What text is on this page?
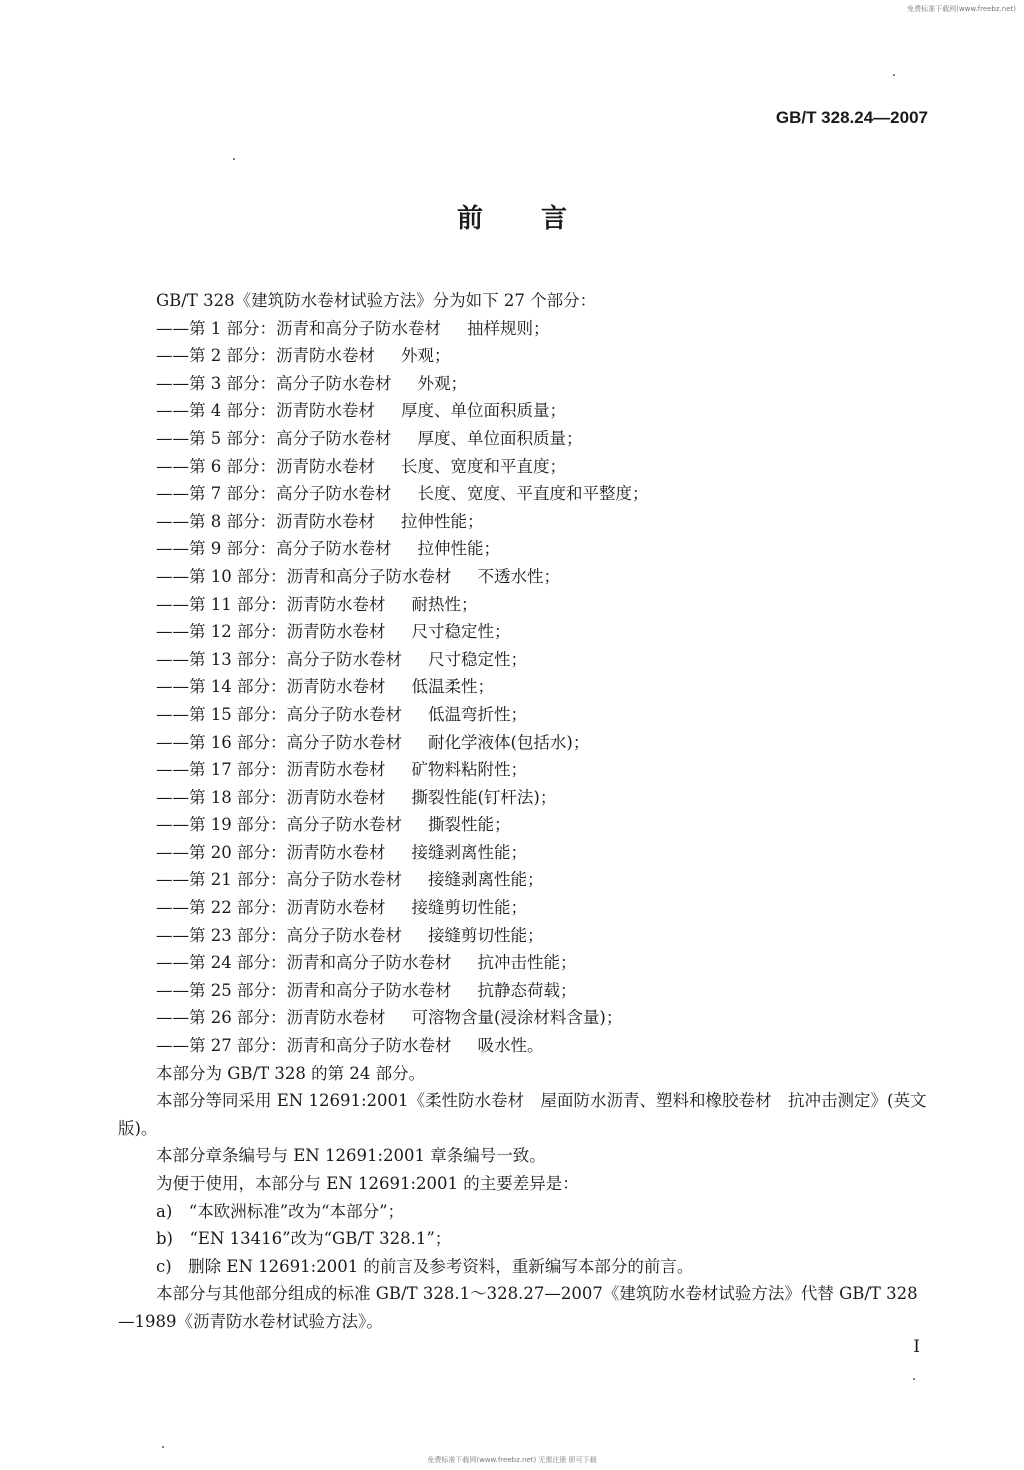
免费标准下载网(www.freebz.net)
GB/T 328.24—2007
前言
GB/T 328《建筑防水卷材试验方法》分为如下 27 个部分：
——第 1 部分：沥青和高分子防水卷材 抽样规则；
——第 2 部分：沥青防水卷材 外观；
——第 3 部分：高分子防水卷材 外观；
——第 4 部分：沥青防水卷材 厚度、单位面积质量；
——第 5 部分：高分子防水卷材 厚度、单位面积质量；
——第 6 部分：沥青防水卷材 长度、宽度和平直度；
——第 7 部分：高分子防水卷材 长度、宽度、平直度和平整度；
——第 8 部分：沥青防水卷材 拉伸性能；
——第 9 部分：高分子防水卷材 拉伸性能；
——第 10 部分：沥青和高分子防水卷材 不透水性；
——第 11 部分：沥青防水卷材 耐热性；
——第 12 部分：沥青防水卷材 尺寸稳定性；
——第 13 部分：高分子防水卷材 尺寸稳定性；
——第 14 部分：沥青防水卷材 低温柔性；
——第 15 部分：高分子防水卷材 低温弯折性；
——第 16 部分：高分子防水卷材 耐化学液体(包括水)；
——第 17 部分：沥青防水卷材 矿物料粘附性；
——第 18 部分：沥青防水卷材 撕裂性能(钉杆法)；
——第 19 部分：高分子防水卷材 撕裂性能；
——第 20 部分：沥青防水卷材 接缝剥离性能；
——第 21 部分：高分子防水卷材 接缝剥离性能；
——第 22 部分：沥青防水卷材 接缝剪切性能；
——第 23 部分：高分子防水卷材 接缝剪切性能；
——第 24 部分：沥青和高分子防水卷材 抗冲击性能；
——第 25 部分：沥青和高分子防水卷材 抗静态荷载；
——第 26 部分：沥青防水卷材 可溶物含量(浸涂材料含量)；
——第 27 部分：沥青和高分子防水卷材 吸水性。
本部分为 GB/T 328 的第 24 部分。
本部分等同采用 EN 12691:2001《柔性防水卷材　屋面防水沥青、塑料和橡胶卷材　抗冲击测定》(英文版)。
本部分章条编号与 EN 12691:2001 章条编号一致。
为便于使用，本部分与 EN 12691:2001 的主要差异是：
a)　“本欧洲标准”改为“本部分”；
b)　“EN 13416”改为“GB/T 328.1”；
c)　删除 EN 12691:2001 的前言及参考资料，重新编写本部分的前言。
本部分与其他部分组成的标准 GB/T 328.1～328.27—2007《建筑防水卷材试验方法》代替 GB/T 328—1989《沥青防水卷材试验方法》。
I
免费标准下载网(www.freebz.net) 无需注册 即可下载
